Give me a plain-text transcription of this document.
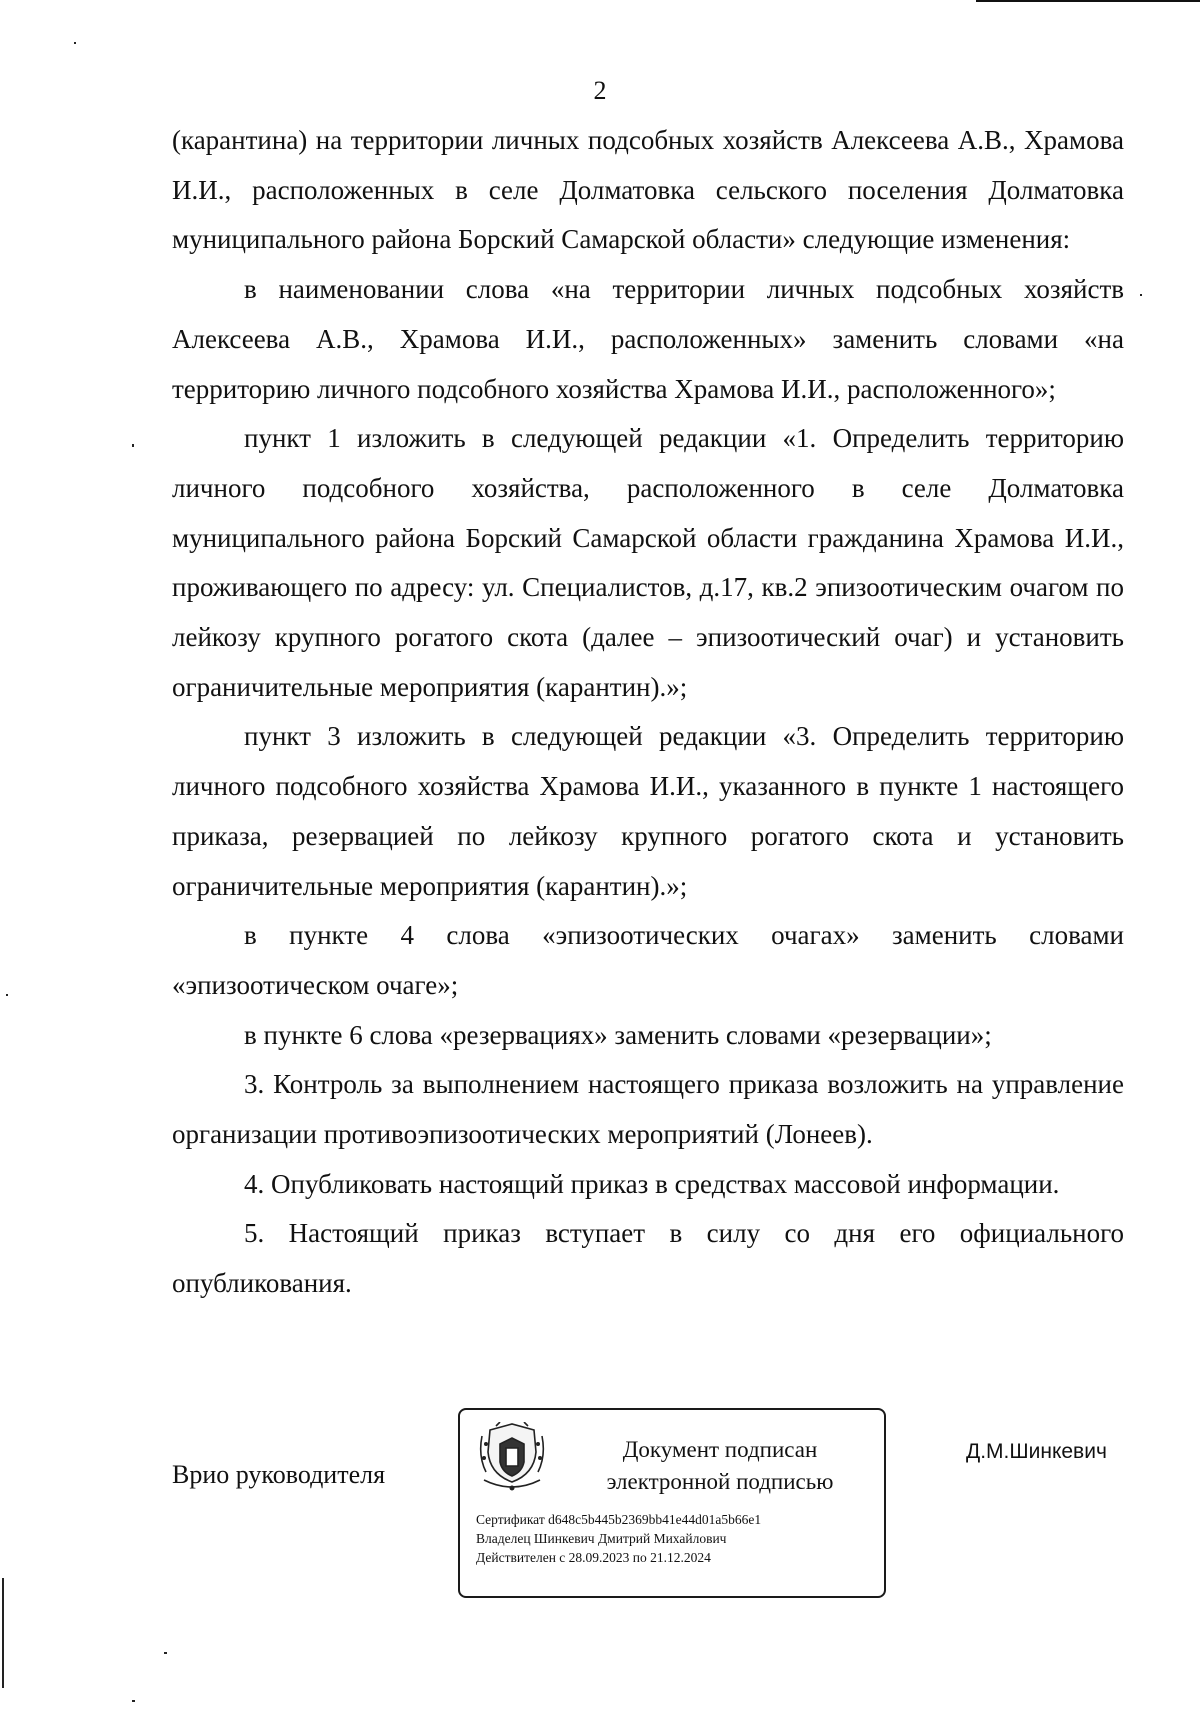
2

(карантина) на территории личных подсобных хозяйств Алексеева А.В., Храмова И.И., расположенных в селе Долматовка сельского поселения Долматовка муниципального района Борский Самарской области» следующие изменения:

в наименовании слова «на территории личных подсобных хозяйств Алексеева А.В., Храмова И.И., расположенных» заменить словами «на территорию личного подсобного хозяйства Храмова И.И., расположенного»;

пункт 1 изложить в следующей редакции «1. Определить территорию личного подсобного хозяйства, расположенного в селе Долматовка муниципального района Борский Самарской области гражданина Храмова И.И., проживающего по адресу: ул. Специалистов, д.17, кв.2 эпизоотическим очагом по лейкозу крупного рогатого скота (далее – эпизоотический очаг) и установить ограничительные мероприятия (карантин).»;

пункт 3 изложить в следующей редакции «3. Определить территорию личного подсобного хозяйства Храмова И.И., указанного в пункте 1 настоящего приказа, резервацией по лейкозу крупного рогатого скота и установить ограничительные мероприятия (карантин).»;

в пункте 4 слова «эпизоотических очагах» заменить словами «эпизоотическом очаге»;

в пункте 6 слова «резервациях» заменить словами «резервации»;

3. Контроль за выполнением настоящего приказа возложить на управление организации противоэпизоотических мероприятий (Лонеев).

4. Опубликовать настоящий приказ в средствах массовой информации.

5. Настоящий приказ вступает в силу со дня его официального опубликования.

Врио руководителя
Документ подписан
электронной подписью
Сертификат d648c5b445b2369bb41e44d01a5b66e1
Владелец Шинкевич Дмитрий Михайлович
Действителен с 28.09.2023 по 21.12.2024
Д.М.Шинкевич
